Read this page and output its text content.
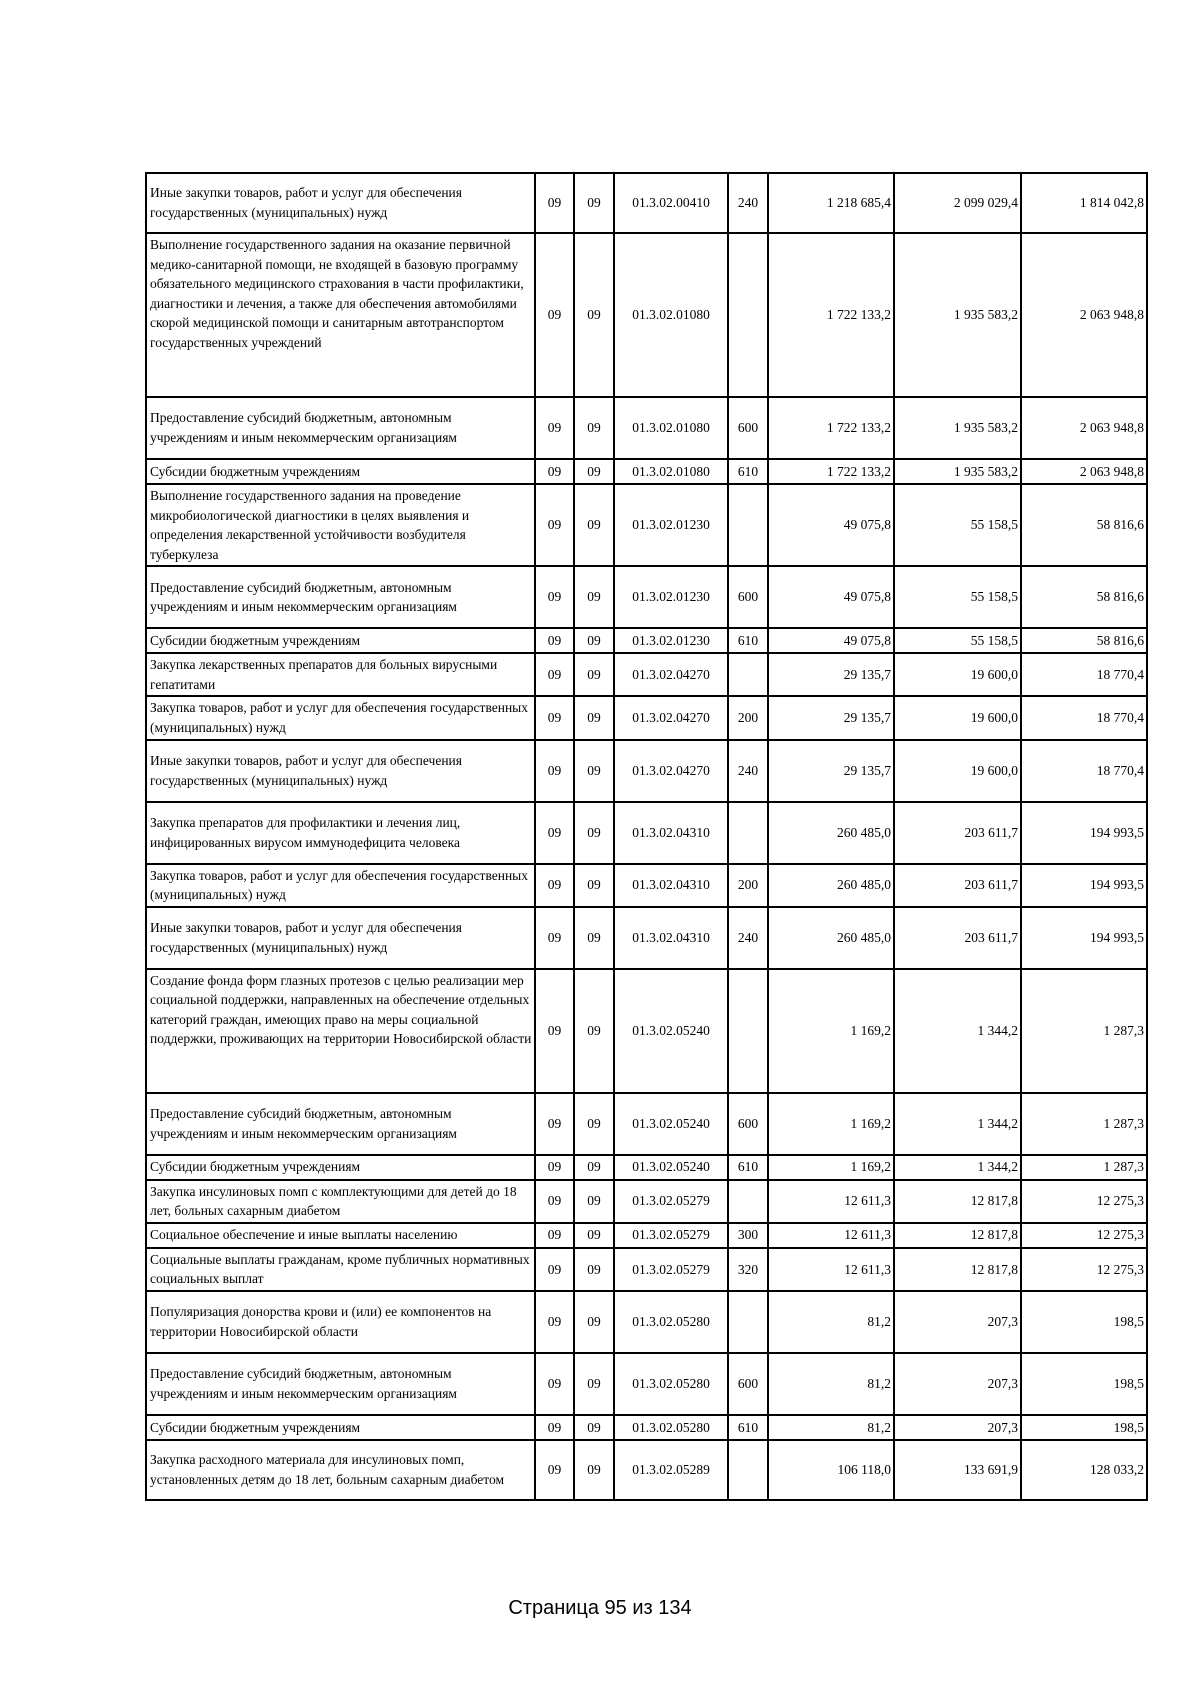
Иные закупки товаров, работ и услуг для обеспечения государственных (муниципальных) нужд	09	09	01.3.02.00410	240	1 218 685,4	2 099 029,4	1 814 042,8
Выполнение государственного задания на оказание первичной медико-санитарной помощи, не входящей в базовую программу обязательного медицинского страхования в части профилактики, диагностики и лечения, а также для обеспечения автомобилями скорой медицинской помощи и санитарным автотранспортом государственных учреждений	09	09	01.3.02.01080		1 722 133,2	1 935 583,2	2 063 948,8
Предоставление субсидий бюджетным, автономным учреждениям и иным некоммерческим организациям	09	09	01.3.02.01080	600	1 722 133,2	1 935 583,2	2 063 948,8
Субсидии бюджетным учреждениям	09	09	01.3.02.01080	610	1 722 133,2	1 935 583,2	2 063 948,8
Выполнение государственного задания на проведение микробиологической диагностики в целях выявления и определения лекарственной устойчивости возбудителя туберкулеза	09	09	01.3.02.01230		49 075,8	55 158,5	58 816,6
Предоставление субсидий бюджетным, автономным учреждениям и иным некоммерческим организациям	09	09	01.3.02.01230	600	49 075,8	55 158,5	58 816,6
Субсидии бюджетным учреждениям	09	09	01.3.02.01230	610	49 075,8	55 158,5	58 816,6
Закупка лекарственных препаратов для больных вирусными гепатитами	09	09	01.3.02.04270		29 135,7	19 600,0	18 770,4
Закупка товаров, работ и услуг для обеспечения государственных (муниципальных) нужд	09	09	01.3.02.04270	200	29 135,7	19 600,0	18 770,4
Иные закупки товаров, работ и услуг для обеспечения государственных (муниципальных) нужд	09	09	01.3.02.04270	240	29 135,7	19 600,0	18 770,4
Закупка препаратов для профилактики и лечения лиц, инфицированных вирусом иммунодефицита человека	09	09	01.3.02.04310		260 485,0	203 611,7	194 993,5
Закупка товаров, работ и услуг для обеспечения государственных (муниципальных) нужд	09	09	01.3.02.04310	200	260 485,0	203 611,7	194 993,5
Иные закупки товаров, работ и услуг для обеспечения государственных (муниципальных) нужд	09	09	01.3.02.04310	240	260 485,0	203 611,7	194 993,5
Создание фонда форм глазных протезов с целью реализации мер социальной поддержки, направленных на обеспечение отдельных категорий граждан, имеющих право на меры социальной поддержки, проживающих на территории Новосибирской области	09	09	01.3.02.05240		1 169,2	1 344,2	1 287,3
Предоставление субсидий бюджетным, автономным учреждениям и иным некоммерческим организациям	09	09	01.3.02.05240	600	1 169,2	1 344,2	1 287,3
Субсидии бюджетным учреждениям	09	09	01.3.02.05240	610	1 169,2	1 344,2	1 287,3
Закупка инсулиновых помп с комплектующими для детей до 18 лет, больных сахарным диабетом	09	09	01.3.02.05279		12 611,3	12 817,8	12 275,3
Социальное обеспечение и иные выплаты населению	09	09	01.3.02.05279	300	12 611,3	12 817,8	12 275,3
Социальные выплаты гражданам, кроме публичных нормативных социальных выплат	09	09	01.3.02.05279	320	12 611,3	12 817,8	12 275,3
Популяризация донорства крови и (или) ее компонентов на территории Новосибирской области	09	09	01.3.02.05280		81,2	207,3	198,5
Предоставление субсидий бюджетным, автономным учреждениям и иным некоммерческим организациям	09	09	01.3.02.05280	600	81,2	207,3	198,5
Субсидии бюджетным учреждениям	09	09	01.3.02.05280	610	81,2	207,3	198,5
Закупка расходного материала для инсулиновых помп, установленных детям до 18 лет, больным сахарным диабетом	09	09	01.3.02.05289		106 118,0	133 691,9	128 033,2
Страница 95 из 134
